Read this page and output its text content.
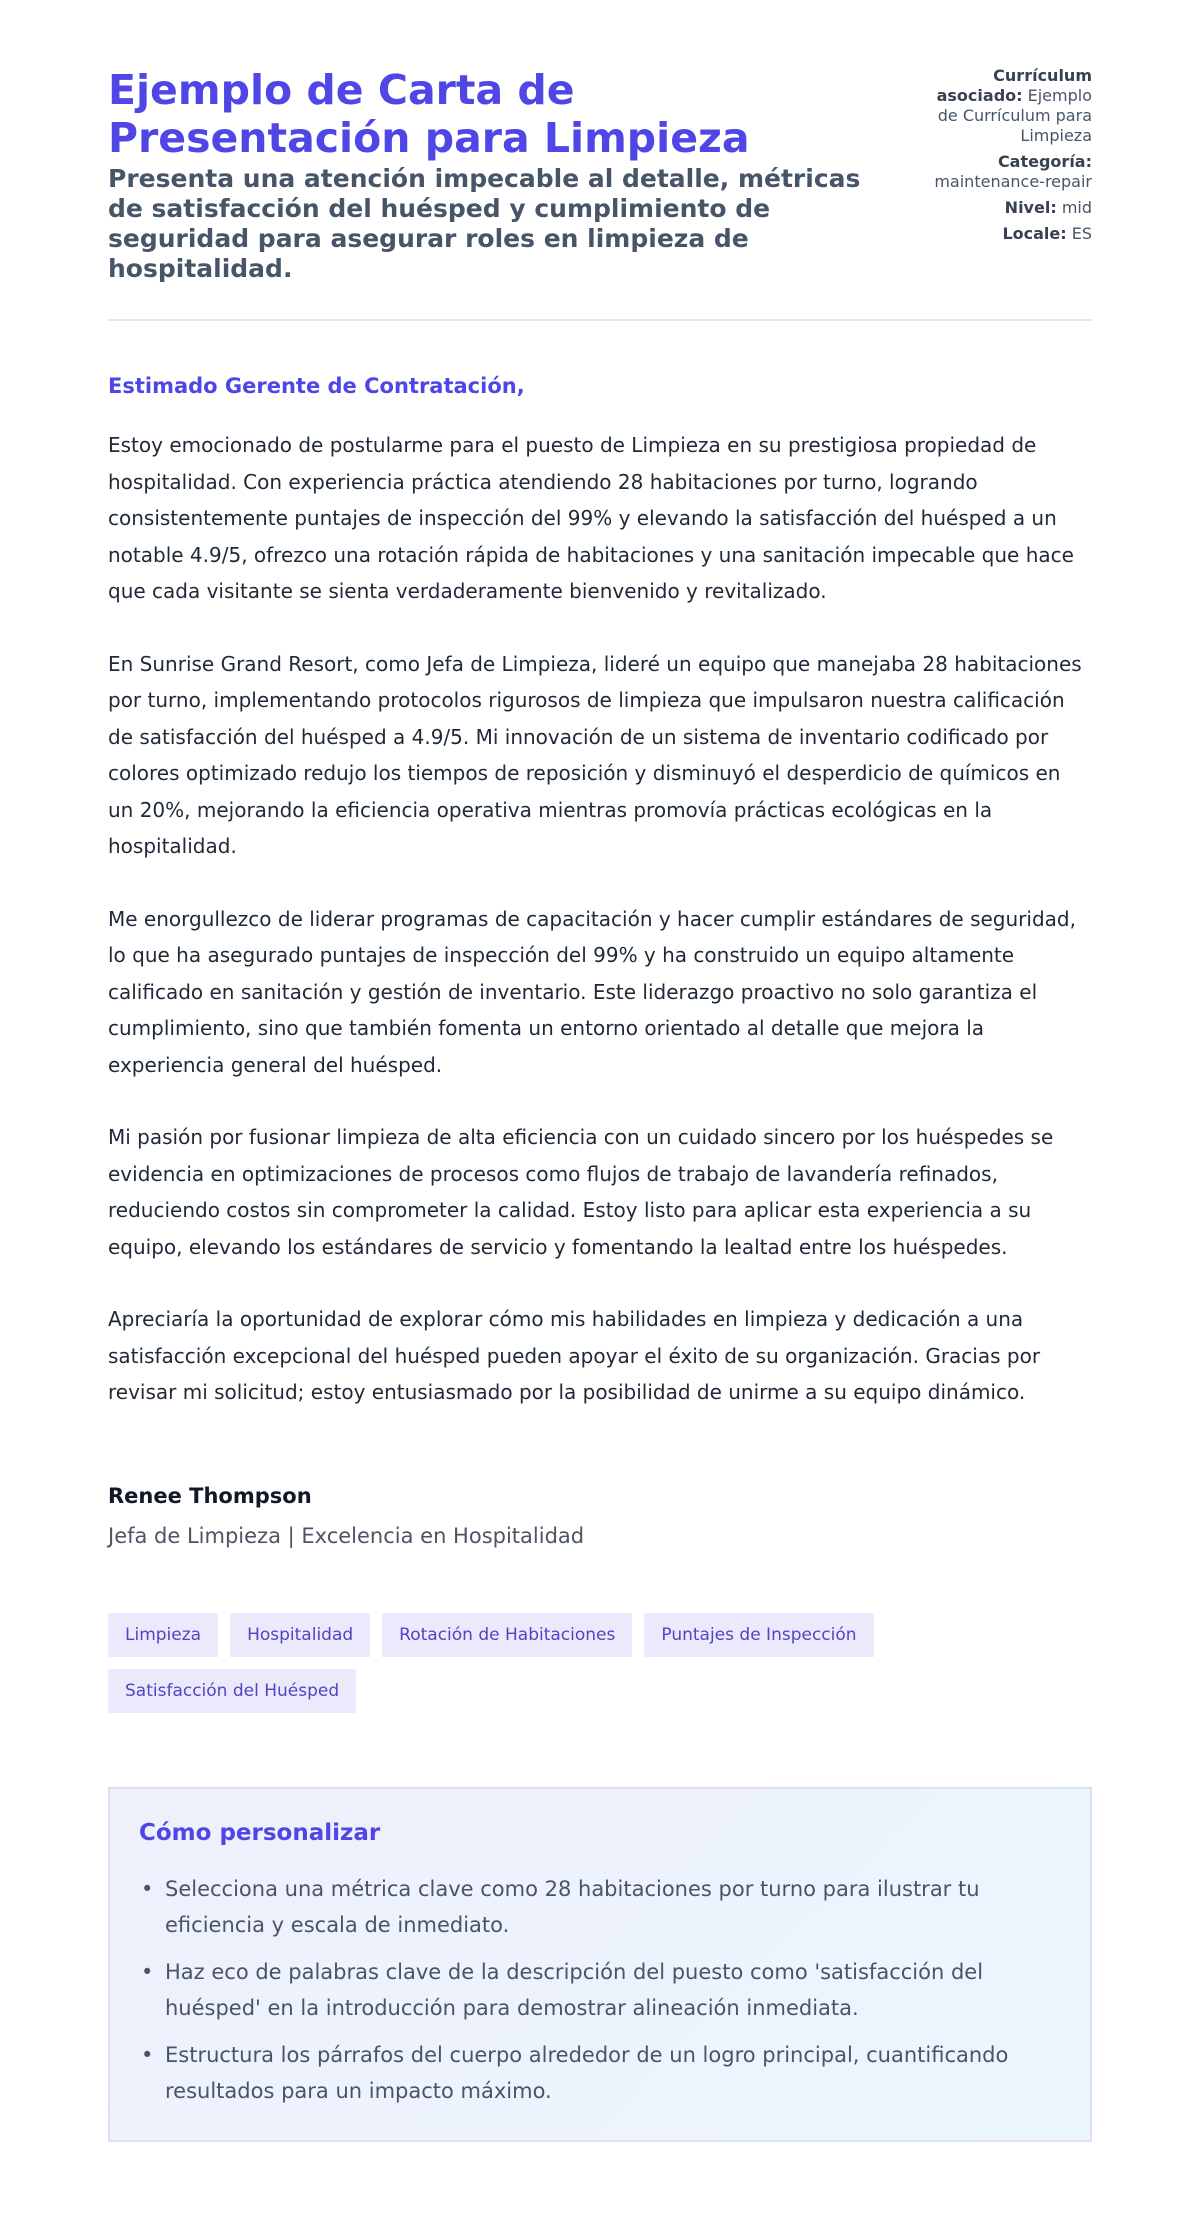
Ejemplo de Carta de Presentación para Limpieza
Presenta una atención impecable al detalle, métricas de satisfacción del huésped y cumplimiento de seguridad para asegurar roles en limpieza de hospitalidad.
Currículum asociado: Ejemplo de Currículum para Limpieza
Categoría: maintenance-repair
Nivel: mid
Locale: ES

Estimado Gerente de Contratación,

Estoy emocionado de postularme para el puesto de Limpieza en su prestigiosa propiedad de hospitalidad. Con experiencia práctica atendiendo 28 habitaciones por turno, logrando consistentemente puntajes de inspección del 99% y elevando la satisfacción del huésped a un notable 4.9/5, ofrezco una rotación rápida de habitaciones y una sanitación impecable que hace que cada visitante se sienta verdaderamente bienvenido y revitalizado.

En Sunrise Grand Resort, como Jefa de Limpieza, lideré un equipo que manejaba 28 habitaciones por turno, implementando protocolos rigurosos de limpieza que impulsaron nuestra calificación de satisfacción del huésped a 4.9/5. Mi innovación de un sistema de inventario codificado por colores optimizado redujo los tiempos de reposición y disminuyó el desperdicio de químicos en un 20%, mejorando la eficiencia operativa mientras promovía prácticas ecológicas en la hospitalidad.

Me enorgullezco de liderar programas de capacitación y hacer cumplir estándares de seguridad, lo que ha asegurado puntajes de inspección del 99% y ha construido un equipo altamente calificado en sanitación y gestión de inventario. Este liderazgo proactivo no solo garantiza el cumplimiento, sino que también fomenta un entorno orientado al detalle que mejora la experiencia general del huésped.

Mi pasión por fusionar limpieza de alta eficiencia con un cuidado sincero por los huéspedes se evidencia en optimizaciones de procesos como flujos de trabajo de lavandería refinados, reduciendo costos sin comprometer la calidad. Estoy listo para aplicar esta experiencia a su equipo, elevando los estándares de servicio y fomentando la lealtad entre los huéspedes.

Apreciaría la oportunidad de explorar cómo mis habilidades en limpieza y dedicación a una satisfacción excepcional del huésped pueden apoyar el éxito de su organización. Gracias por revisar mi solicitud; estoy entusiasmado por la posibilidad de unirme a su equipo dinámico.

Renee Thompson
Jefa de Limpieza | Excelencia en Hospitalidad
Limpieza	Hospitalidad	Rotación de Habitaciones	Puntajes de Inspección
Satisfacción del Huésped
Cómo personalizar
• Selecciona una métrica clave como 28 habitaciones por turno para ilustrar tu eficiencia y escala de inmediato.
• Haz eco de palabras clave de la descripción del puesto como 'satisfacción del huésped' en la introducción para demostrar alineación inmediata.
• Estructura los párrafos del cuerpo alrededor de un logro principal, cuantificando resultados para un impacto máximo.
